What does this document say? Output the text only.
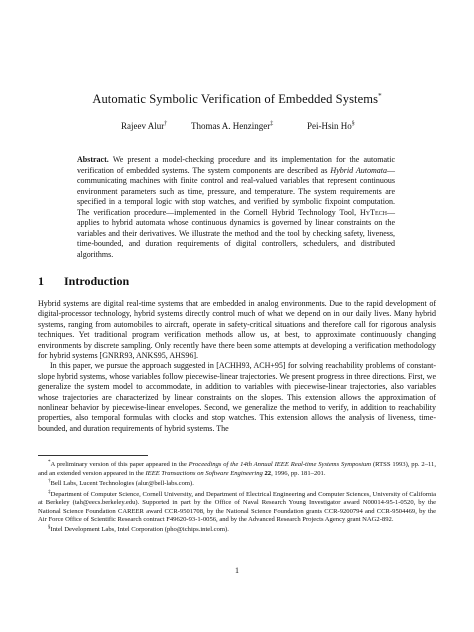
Automatic Symbolic Verification of Embedded Systems*
Rajeev Alur†	Thomas A. Henzinger‡	Pei-Hsin Ho§
Abstract. We present a model-checking procedure and its implementation for the automatic verification of embedded systems. The system components are described as Hybrid Automata—communicating machines with finite control and real-valued variables that represent continuous environment parameters such as time, pressure, and temperature. The system requirements are specified in a temporal logic with stop watches, and verified by symbolic fixpoint computation. The verification procedure—implemented in the Cornell Hybrid Technology Tool, HyTech—applies to hybrid automata whose continuous dynamics is governed by linear constraints on the variables and their derivatives. We illustrate the method and the tool by checking safety, liveness, time-bounded, and duration requirements of digital controllers, schedulers, and distributed algorithms.
1 Introduction

Hybrid systems are digital real-time systems that are embedded in analog environments. Due to the rapid development of digital-processor technology, hybrid systems directly control much of what we depend on in our daily lives. Many hybrid systems, ranging from automobiles to aircraft, operate in safety-critical situations and therefore call for rigorous analysis techniques. Yet traditional program verification methods allow us, at best, to approximate continuously changing environments by discrete sampling. Only recently have there been some attempts at developing a verification methodology for hybrid systems [GNRR93, ANKS95, AHS96].

In this paper, we pursue the approach suggested in [ACHH93, ACH+95] for solving reachability problems of constant-slope hybrid systems, whose variables follow piecewise-linear trajectories. We present progress in three directions. First, we generalize the system model to accommodate, in addition to variables with piecewise-linear trajectories, also variables whose trajectories are characterized by linear constraints on the slopes. This extension allows the approximation of nonlinear behavior by piecewise-linear envelopes. Second, we generalize the method to verify, in addition to reachability properties, also temporal formulas with clocks and stop watches. This extension allows the analysis of liveness, time-bounded, and duration requirements of hybrid systems. The

*A preliminary version of this paper appeared in the Proceedings of the 14th Annual IEEE Real-time Systems Symposium (RTSS 1993), pp. 2–11, and an extended version appeared in the IEEE Transactions on Software Engineering 22, 1996, pp. 181–201.

†Bell Labs, Lucent Technologies (alur@bell-labs.com).

‡Department of Computer Science, Cornell University, and Department of Electrical Engineering and Computer Sciences, University of California at Berkeley (tah@eecs.berkeley.edu). Supported in part by the Office of Naval Research Young Investigator award N00014-95-1-0520, by the National Science Foundation CAREER award CCR-9501708, by the National Science Foundation grants CCR-9200794 and CCR-9504469, by the Air Force Office of Scientific Research contract F49620-93-1-0056, and by the Advanced Research Projects Agency grant NAG2-892.

§Intel Development Labs, Intel Corporation (pho@ichips.intel.com).

1
